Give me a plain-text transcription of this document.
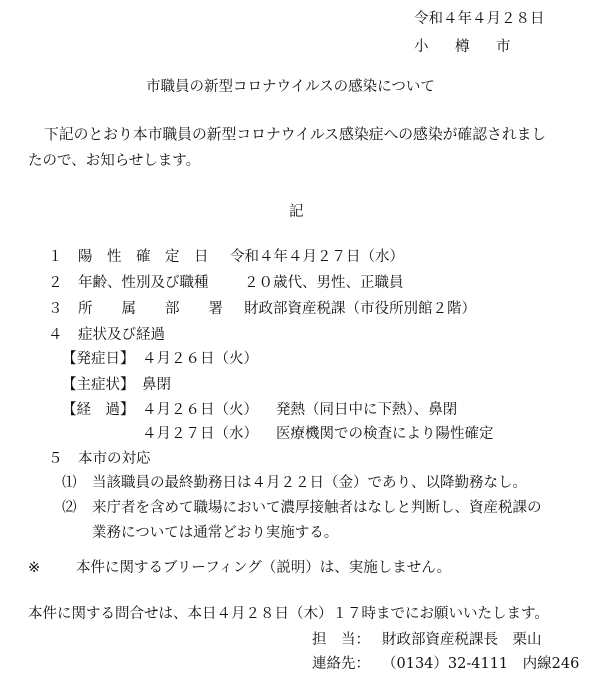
令和４年４月２８日
小　樽　市
市職員の新型コロナウイルスの感染について
下記のとおり本市職員の新型コロナウイルス感染症への感染が確認されまし
たので、お知らせします。
記
１ 陽　性　確　定　日 令和４年４月２７日（水）
２ 年齢、性別及び職種 ２０歳代、男性、正職員
３ 所　　属　　部　　署 財政部資産税課（市役所別館２階）
４ 症状及び経過
【発症日】 ４月２６日（火）
【主症状】 鼻閉
【経　過】 ４月２６日（火） 発熱（同日中に下熱）、鼻閉
４月２７日（水） 医療機関での検査により陽性確定
５ 本市の対応
⑴ 当該職員の最終勤務日は４月２２日（金）であり、以降勤務なし。
⑵ 来庁者を含めて職場において濃厚接触者はなしと判断し、資産税課の
業務については通常どおり実施する。
※ 本件に関するブリーフィング（説明）は、実施しません。
本件に関する問合せは、本日４月２８日（木）１７時までにお願いいたします。
担　当： 財政部資産税課長　栗山
連絡先： （0134）32-4111　内線246
